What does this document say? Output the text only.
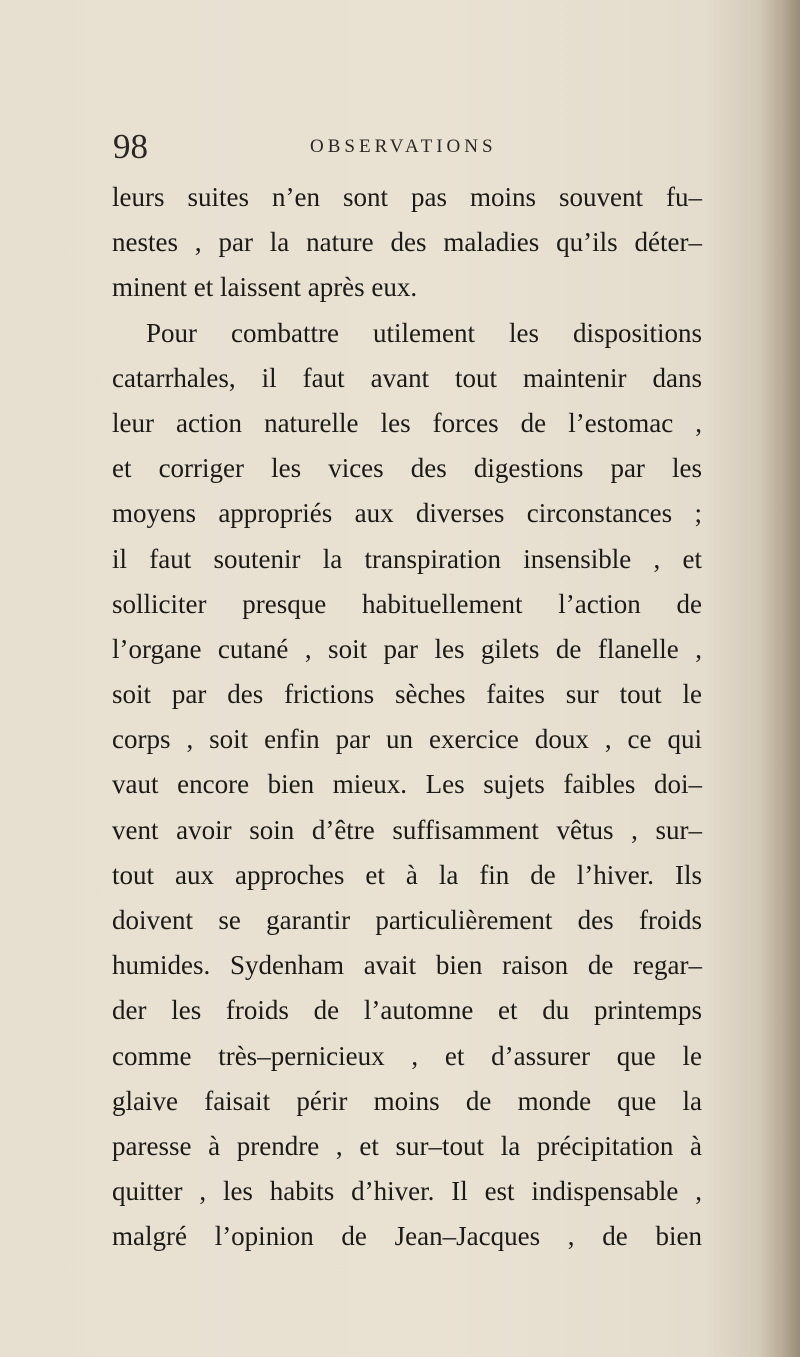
98	OBSERVATIONS
leurs suites n’en sont pas moins souvent fu–
nestes , par la nature des maladies qu’ils déter–
minent et laissent après eux.
Pour combattre utilement les dispositions
catarrhales, il faut avant tout maintenir dans
leur action naturelle les forces de l’estomac ,
et corriger les vices des digestions par les
moyens appropriés aux diverses circonstances ;
il faut soutenir la transpiration insensible , et
solliciter presque habituellement l’action de
l’organe cutané , soit par les gilets de flanelle ,
soit par des frictions sèches faites sur tout le
corps , soit enfin par un exercice doux , ce qui
vaut encore bien mieux. Les sujets faibles doi–
vent avoir soin d’être suffisamment vêtus , sur–
tout aux approches et à la fin de l’hiver. Ils
doivent se garantir particulièrement des froids
humides. Sydenham avait bien raison de regar–
der les froids de l’automne et du printemps
comme très–pernicieux , et d’assurer que le
glaive faisait périr moins de monde que la
paresse à prendre , et sur–tout la précipitation à
quitter , les habits d’hiver. Il est indispensable ,
malgré l’opinion de Jean–Jacques , de bien
